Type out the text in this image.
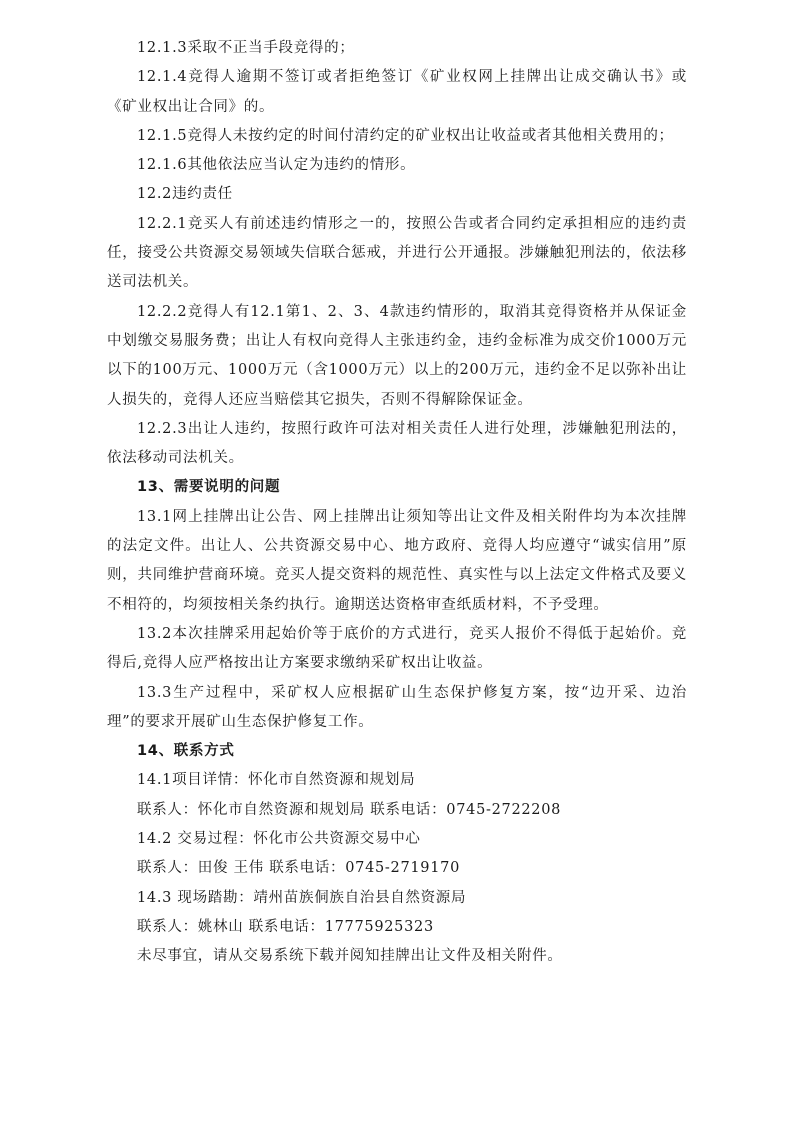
12.1.3采取不正当手段竞得的；

12.1.4竞得人逾期不签订或者拒绝签订《矿业权网上挂牌出让成交确认书》或《矿业权出让合同》的。

12.1.5竞得人未按约定的时间付清约定的矿业权出让收益或者其他相关费用的；

12.1.6其他依法应当认定为违约的情形。

12.2违约责任

12.2.1竞买人有前述违约情形之一的，按照公告或者合同约定承担相应的违约责任，接受公共资源交易领域失信联合惩戒，并进行公开通报。涉嫌触犯刑法的，依法移送司法机关。

12.2.2竞得人有12.1第1、2、3、4款违约情形的，取消其竞得资格并从保证金中划缴交易服务费；出让人有权向竞得人主张违约金，违约金标准为成交价1000万元以下的100万元、1000万元（含1000万元）以上的200万元，违约金不足以弥补出让人损失的，竞得人还应当赔偿其它损失，否则不得解除保证金。

12.2.3出让人违约，按照行政许可法对相关责任人进行处理，涉嫌触犯刑法的，依法移动司法机关。

13、需要说明的问题

13.1网上挂牌出让公告、网上挂牌出让须知等出让文件及相关附件均为本次挂牌的法定文件。出让人、公共资源交易中心、地方政府、竞得人均应遵守“诚实信用”原则，共同维护营商环境。竞买人提交资料的规范性、真实性与以上法定文件格式及要义不相符的，均须按相关条约执行。逾期送达资格审查纸质材料，不予受理。

13.2本次挂牌采用起始价等于底价的方式进行，竞买人报价不得低于起始价。竞得后,竞得人应严格按出让方案要求缴纳采矿权出让收益。

13.3生产过程中，采矿权人应根据矿山生态保护修复方案，按“边开采、边治理”的要求开展矿山生态保护修复工作。

14、联系方式

14.1项目详情：怀化市自然资源和规划局

联系人：怀化市自然资源和规划局 联系电话：0745-2722208

14.2 交易过程：怀化市公共资源交易中心

联系人：田俊 王伟 联系电话：0745-2719170

14.3 现场踏勘：靖州苗族侗族自治县自然资源局

联系人：姚林山 联系电话：17775925323

未尽事宜，请从交易系统下载并阅知挂牌出让文件及相关附件。
